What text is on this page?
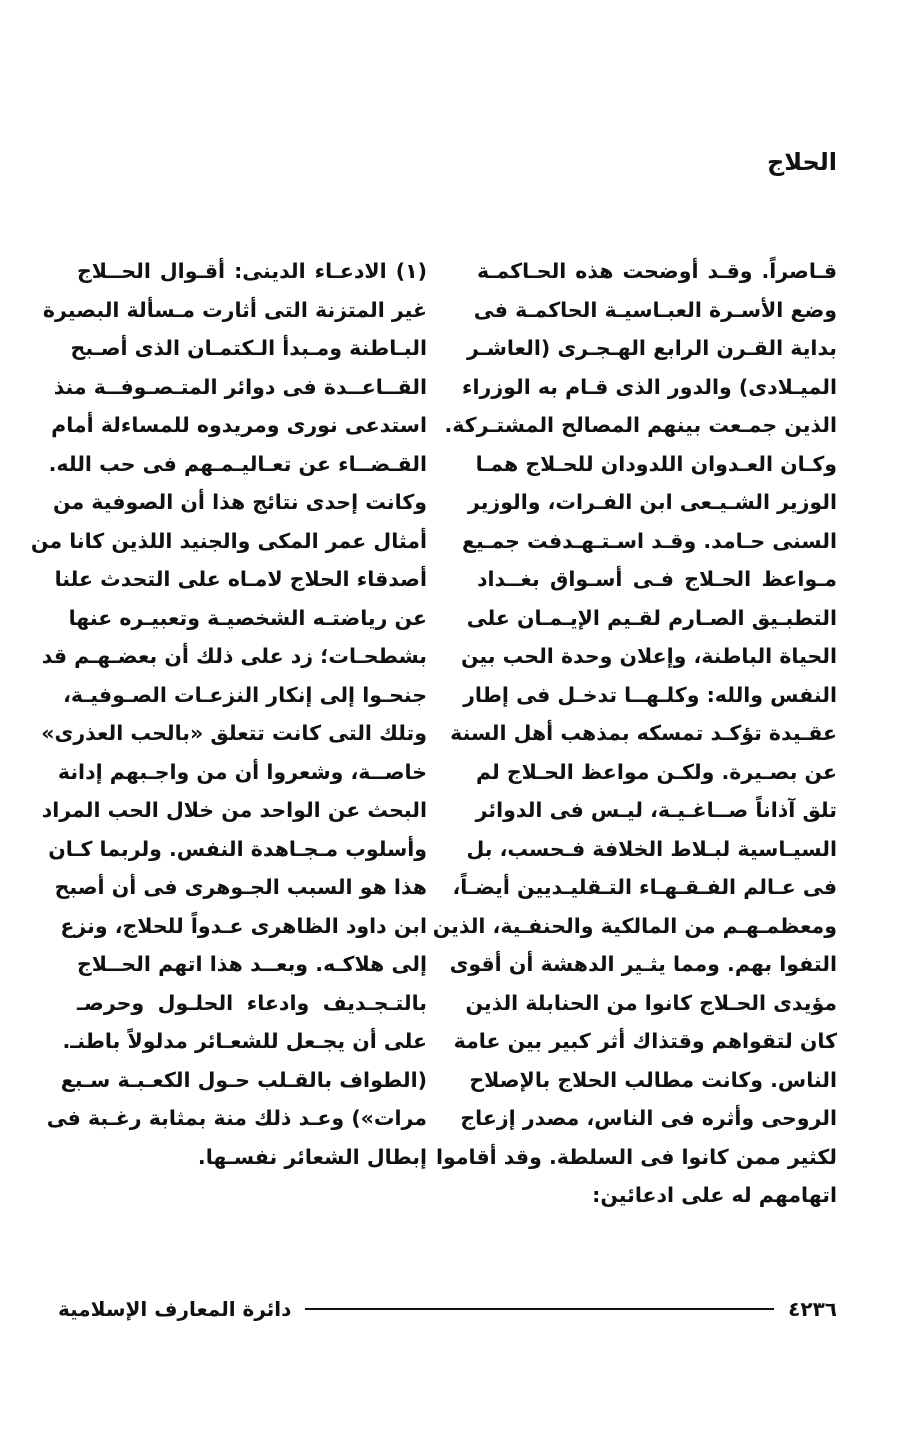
الحلاج
قـاصراً. وقـد أوضحت هذه الحـاكمـة
وضع الأسـرة العبـاسيـة الحاكمـة فى
بداية القـرن الرابع الهـجـرى (العاشـر
الميـلادى) والدور الذى قـام به الوزراء
الذين جمـعت بينهم المصالح المشتـركة.
وكـان العـدوان اللدودان للحـلاج همـا
الوزير الشـيـعى ابن الفـرات، والوزير
السنى حـامد. وقـد اسـتـهـدفت جمـيع
مـواعظ الحـلاج فـى أسـواق بغــداد
التطبـيق الصـارم لقـيم الإيـمـان على
الحياة الباطنة، وإعلان وحدة الحب بين
النفس والله: وكلـهــا تدخـل فى إطار
عقـيدة تؤكـد تمسكه بمذهب أهل السنة
عن بصـيرة. ولكـن مواعظ الحـلاج لم
تلق آذاناً صــاغـيـة، ليـس فى الدوائر
السيـاسية لبـلاط الخلافة فـحسب، بل
فى عـالم الفـقـهـاء التـقليـديين أيضـاً،
ومعظمـهـم من المالكية والحنفـية، الذين
التفوا بهم. ومما يثـير الدهشة أن أقوى
مؤيدى الحـلاج كانوا من الحنابلة الذين
كان لتقواهم وقتذاك أثر كبير بين عامة
الناس. وكانت مطالب الحلاج بالإصلاح
الروحى وأثره فى الناس، مصدر إزعاج
لكثير ممن كانوا فى السلطة. وقد أقاموا
اتهامهم له على ادعائين:
(١) الادعـاء الدينى: أقـوال الحــلاج
غير المتزنة التى أثارت مـسألة البصيرة
البـاطنة ومـبدأ الـكتمـان الذى أصـبح
القــاعــدة فى دوائر المتـصـوفــة منذ
استدعى نورى ومريدوه للمساءلة أمام
القـضــاء عن تعـاليـمـهم فى حب الله.
وكانت إحدى نتائج هذا أن الصوفية من
أمثال عمر المكى والجنيد اللذين كانا من
أصدقاء الحلاج لامـاه على التحدث علنا
عن رياضتـه الشخصيـة وتعبيـره عنها
بشطحـات؛ زد على ذلك أن بعضـهـم قد
جنحـوا إلى إنكار النزعـات الصـوفيـة،
وتلك التى كانت تتعلق «بالحب العذرى»
خاصــة، وشعروا أن من واجـبهم إدانة
البحث عن الواحد من خلال الحب المراد
وأسلوب مـجـاهدة النفس. ولربما كـان
هذا هو السبب الجـوهرى فى أن أصبح
ابن داود الظاهرى عـدواً للحلاج، ونزع
إلى هلاكـه. وبعــد هذا اتهم الحــلاج
بالتـجـديف وادعاء الحلـول وحرصـ
على أن يجـعل للشعـائر مدلولاً باطنـ.
(الطواف بالقـلب حـول الكعـبـة سـبع
مرات») وعـد ذلك منة بمثابة رغـبة فى
إبطال الشعائر نفسـها.
٤٢٣٦
دائرة المعارف الإسلامية
